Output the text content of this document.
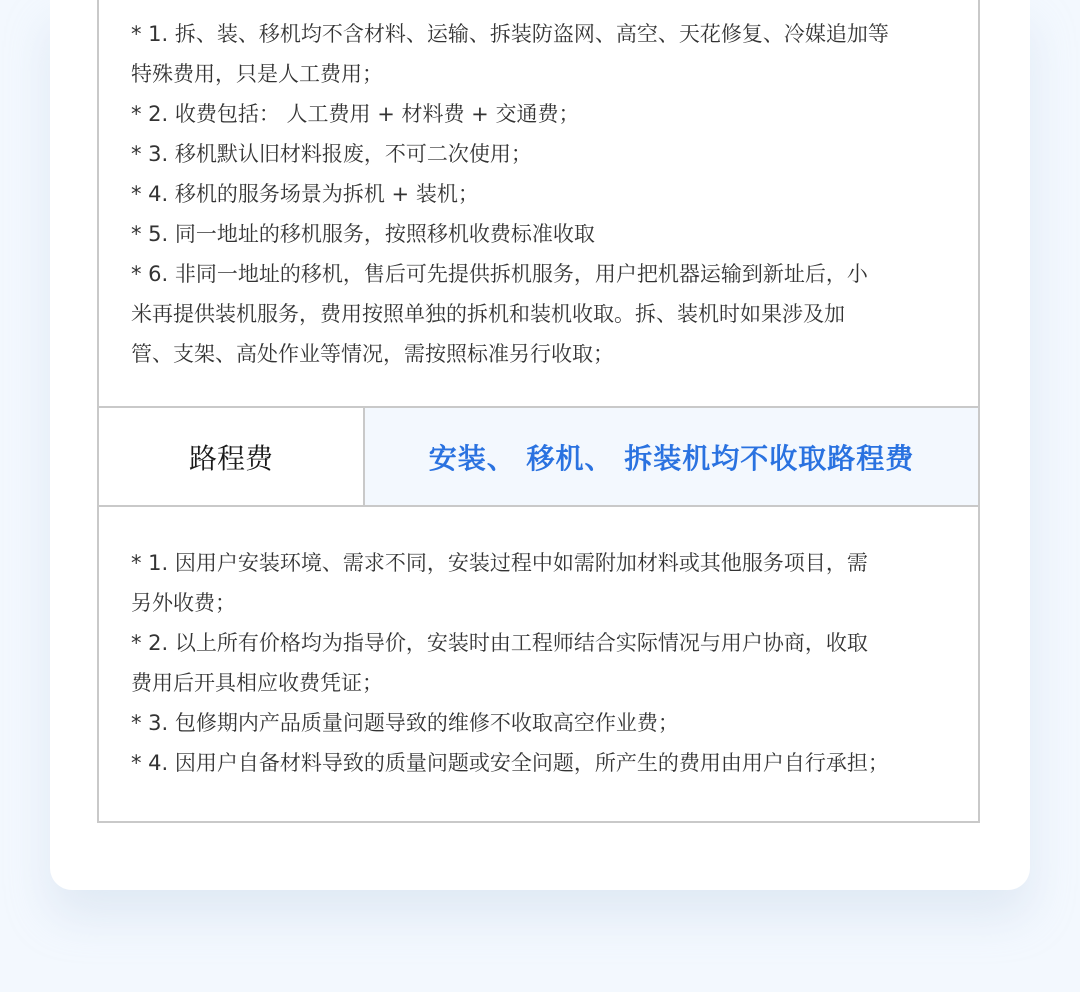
* 1. 拆、装、移机均不含材料、运输、拆装防盗网、高空、天花修复、冷媒追加等

特殊费用，只是人工费用；

* 2. 收费包括： 人工费用 + 材料费 + 交通费；

* 3. 移机默认旧材料报废，不可二次使用；

* 4. 移机的服务场景为拆机 + 装机；

* 5. 同一地址的移机服务，按照移机收费标准收取

* 6. 非同一地址的移机，售后可先提供拆机服务，用户把机器运输到新址后，小

米再提供装机服务，费用按照单独的拆机和装机收取。拆、装机时如果涉及加

管、支架、高处作业等情况，需按照标准另行收取；

路程费	安装、 移机、 拆装机均不收取路程费

* 1. 因用户安装环境、需求不同，安装过程中如需附加材料或其他服务项目，需

另外收费；

* 2. 以上所有价格均为指导价，安装时由工程师结合实际情况与用户协商，收取

费用后开具相应收费凭证；

* 3. 包修期内产品质量问题导致的维修不收取高空作业费；

* 4. 因用户自备材料导致的质量问题或安全问题，所产生的费用由用户自行承担；
